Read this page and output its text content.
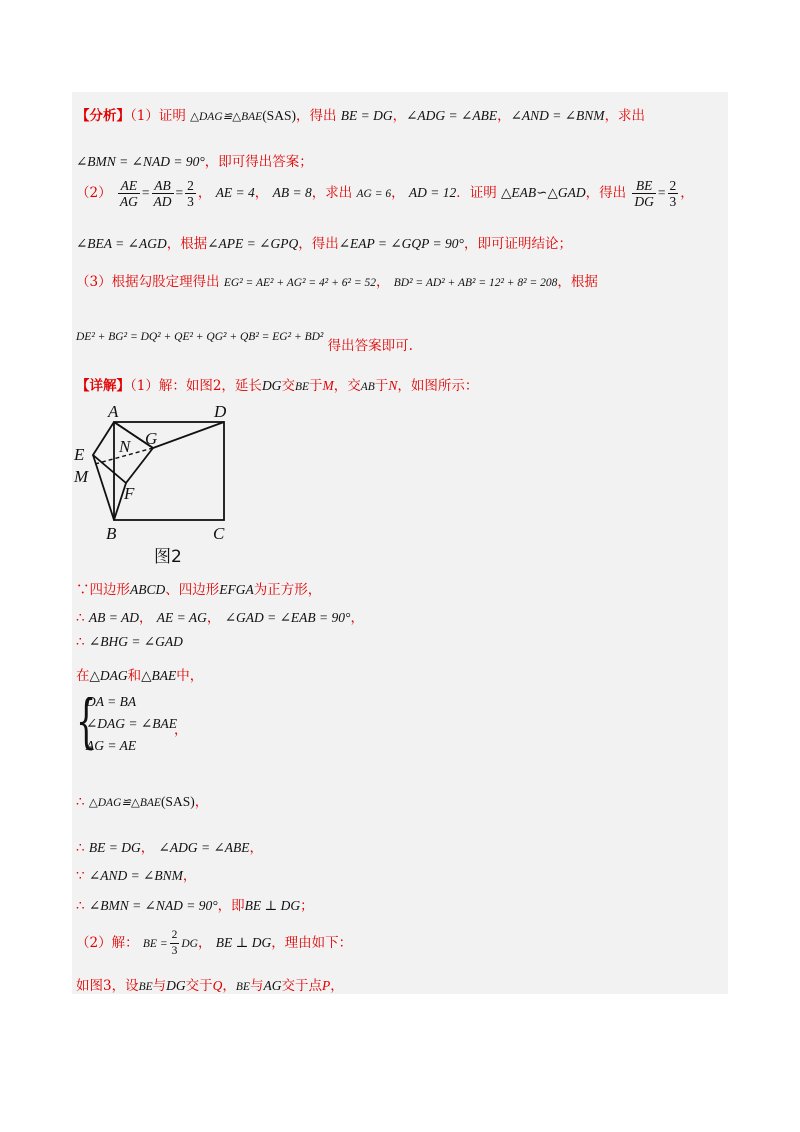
【分析】（1）证明 △DAG≌△BAE(SAS)，得出 BE = DG，∠ADG = ∠ABE，∠AND = ∠BNM，求出
∠BMN = ∠NAD = 90°，即可得出答案；
$(2) \frac{AE}{AG} = \frac{AB}{AD} = \frac{2}{3}$ ， AE = 4， AB = 8，求出 AG = 6， AD = 12．证明 △EAB∽△GAD，得出 $\frac{BE}{DG} = \frac{2}{3}$ ，
∠BEA = ∠AGD，根据∠APE = ∠GPQ，得出∠EAP = ∠GQP = 90°，即可证明结论；
（3）根据勾股定理得出 EG² = AE² + AG² = 4² + 6² = 52， BD² = AD² + AB² = 12² + 8² = 208，根据
DE² + BG² = DQ² + QE² + QG² + QB² = EG² + BD² 得出答案即可.
【详解】（1）解：如图2，延长DG交BE于M，交AB于N，如图所示：
A	D
E
M
N G
F
B	C
图2
∵四边形ABCD、四边形EFGA为正方形，
∴ AB = AD， AE = AG， ∠GAD = ∠EAB = 90°，
∴ ∠BHG = ∠GAD
在△DAG和△BAE中，
{
DA = BA
∠DAG = ∠BAE
AG = AE
，
∴ △DAG≌△BAE(SAS)，
∴ BE = DG， ∠ADG = ∠ABE，
∵ ∠AND = ∠BNM，
∴ ∠BMN = ∠NAD = 90°，即BE ⊥ DG；
（2）解： BE = $\frac{2}{3}$ DG， BE ⊥ DG，理由如下：
如图3，设BE与DG交于Q，BE与AG交于点P，
